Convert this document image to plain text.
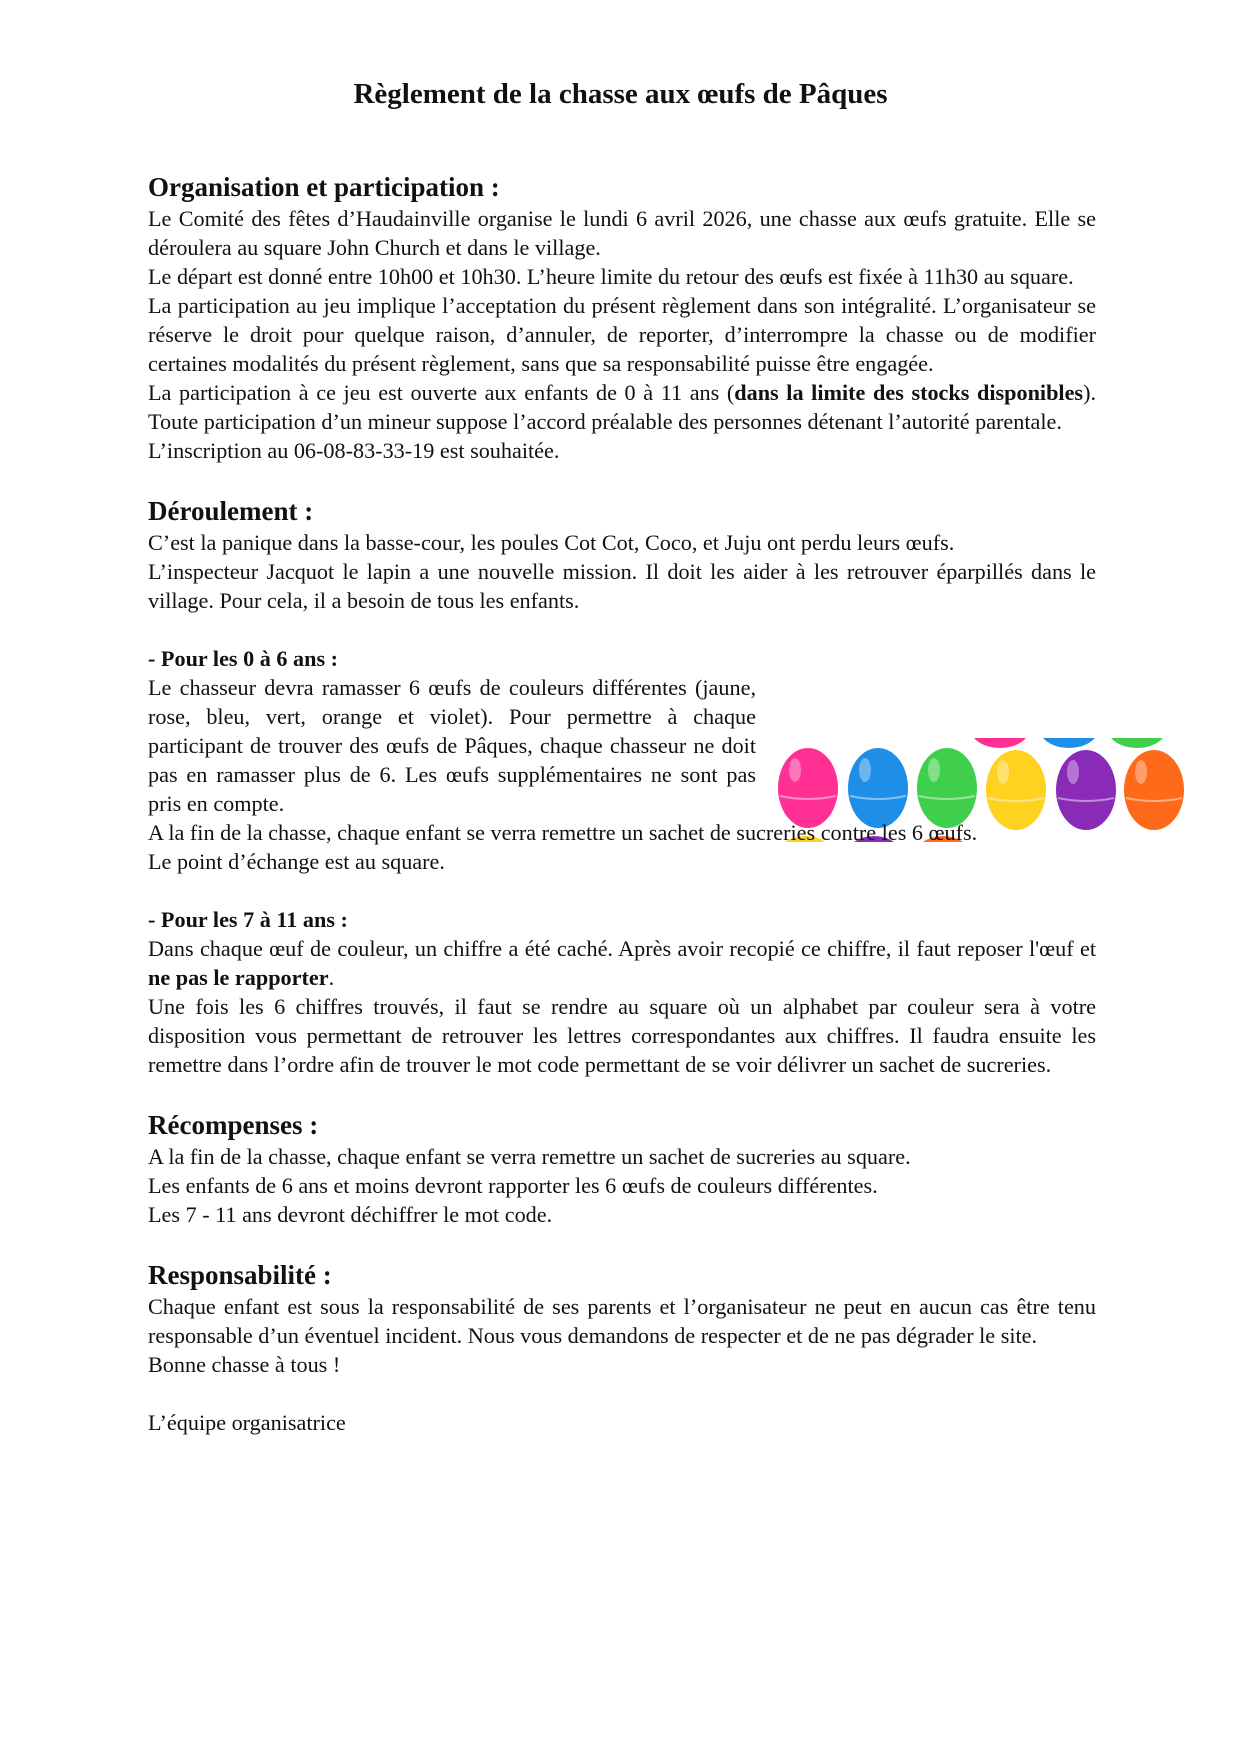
Règlement de la chasse aux œufs de Pâques
Organisation et participation :

Le Comité des fêtes d’Haudainville organise le lundi 6 avril 2026, une chasse aux œufs gratuite. Elle se déroulera au square John Church et dans le village.

Le départ est donné entre 10h00 et 10h30. L’heure limite du retour des œufs est fixée à 11h30 au square.

La participation au jeu implique l’acceptation du présent règlement dans son intégralité. L’organisateur se réserve le droit pour quelque raison, d’annuler, de reporter, d’interrompre la chasse ou de modifier certaines modalités du présent règlement, sans que sa responsabilité puisse être engagée.

La participation à ce jeu est ouverte aux enfants de 0 à 11 ans (dans la limite des stocks disponibles). Toute participation d’un mineur suppose l’accord préalable des personnes détenant l’autorité parentale.

L’inscription au 06-08-83-33-19 est souhaitée.

Déroulement :

C’est la panique dans la basse-cour, les poules Cot Cot, Coco, et Juju ont perdu leurs œufs.

L’inspecteur Jacquot le lapin a une nouvelle mission. Il doit les aider à les retrouver éparpillés dans le village. Pour cela, il a besoin de tous les enfants.

- Pour les 0 à 6 ans :

Le chasseur devra ramasser 6 œufs de couleurs différentes (jaune, rose, bleu, vert, orange et violet). Pour permettre à chaque participant de trouver des œufs de Pâques, chaque chasseur ne doit pas en ramasser plus de 6. Les œufs supplémentaires ne sont pas pris en compte.

A la fin de la chasse, chaque enfant se verra remettre un sachet de sucreries contre les 6 œufs.

Le point d’échange est au square.

- Pour les 7 à 11 ans :

Dans chaque œuf de couleur, un chiffre a été caché. Après avoir recopié ce chiffre, il faut reposer l'œuf et ne pas le rapporter.

Une fois les 6 chiffres trouvés, il faut se rendre au square où un alphabet par couleur sera à votre disposition vous permettant de retrouver les lettres correspondantes aux chiffres. Il faudra ensuite les remettre dans l’ordre afin de trouver le mot code permettant de se voir délivrer un sachet de sucreries.

Récompenses :

A la fin de la chasse, chaque enfant se verra remettre un sachet de sucreries au square.

Les enfants de 6 ans et moins devront rapporter les 6 œufs de couleurs différentes.

Les 7 - 11 ans devront déchiffrer le mot code.

Responsabilité :

Chaque enfant est sous la responsabilité de ses parents et l’organisateur ne peut en aucun cas être tenu responsable d’un éventuel incident. Nous vous demandons de respecter et de ne pas dégrader le site.

Bonne chasse à tous !

L’équipe organisatrice
